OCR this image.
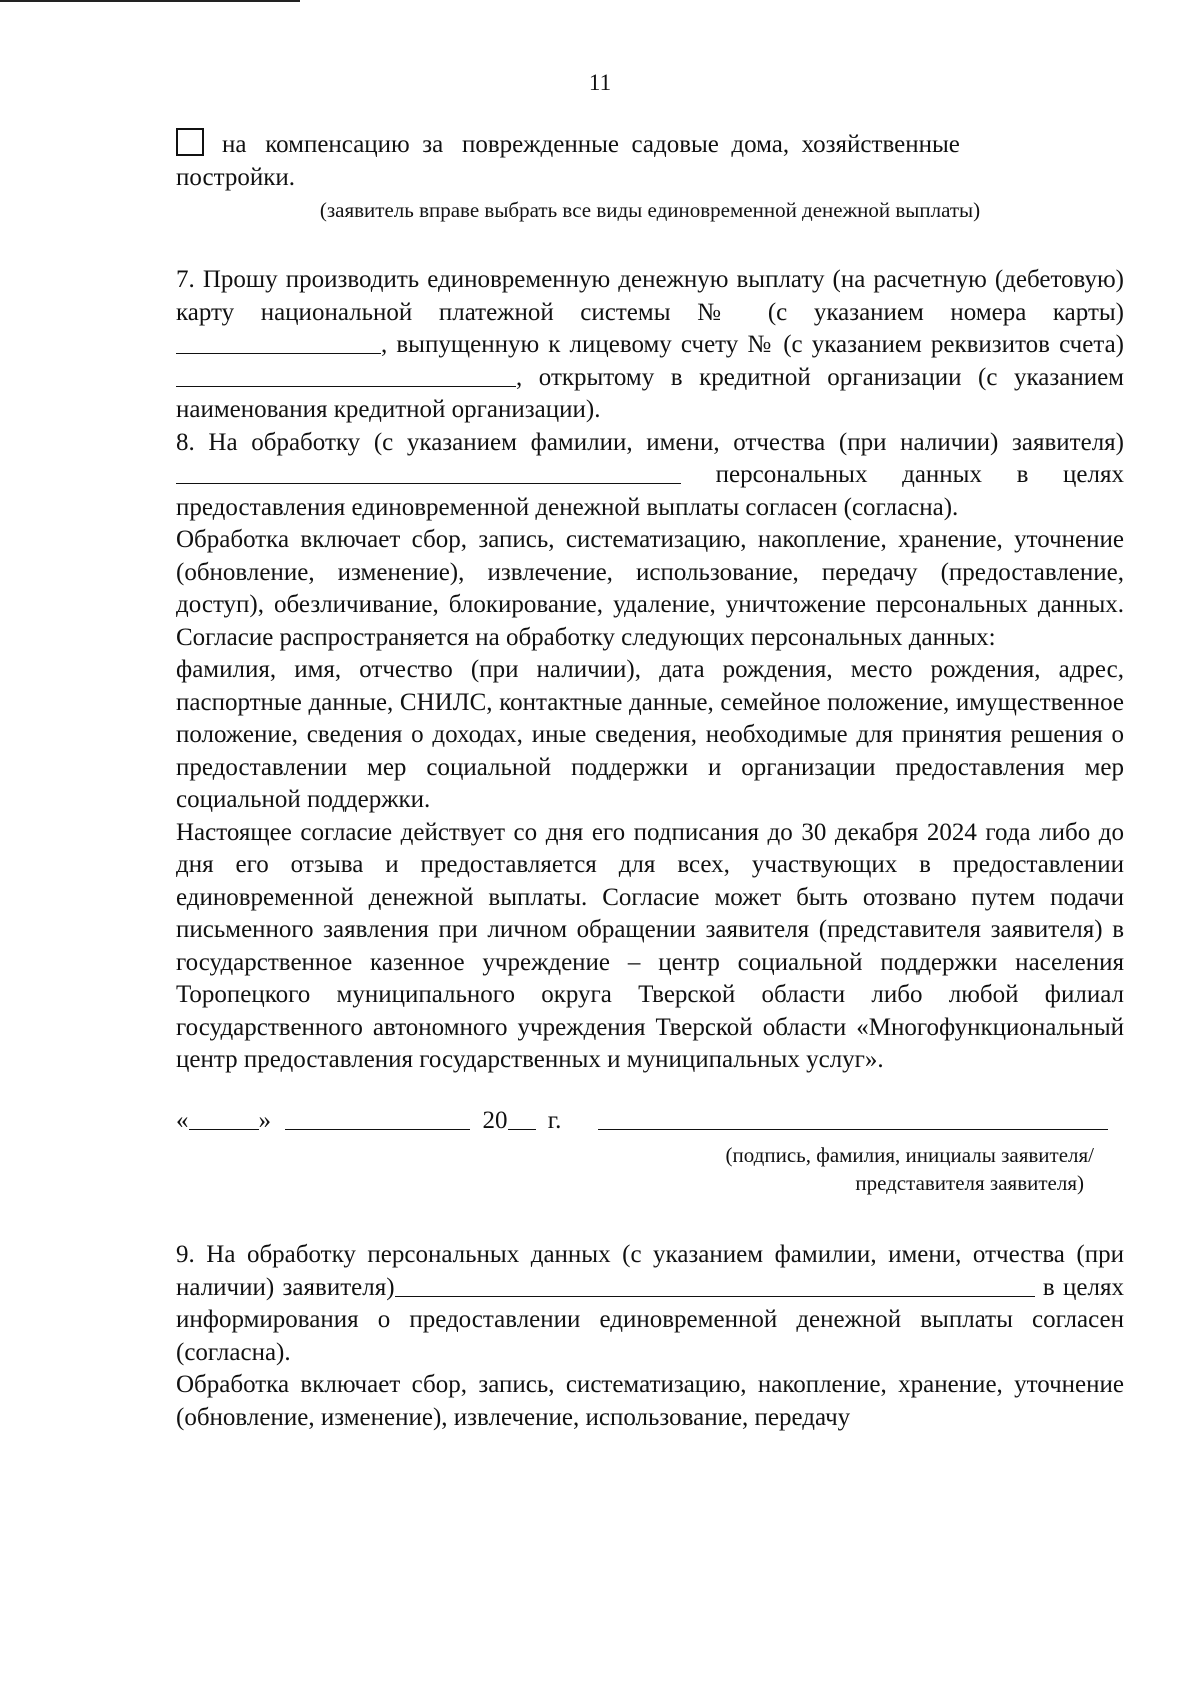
11

на   компенсацию  за   поврежденные  садовые  дома,  хозяйственные

постройки.

(заявитель вправе выбрать все виды единовременной денежной выплаты)

7. Прошу производить единовременную денежную выплату (на расчетную (дебетовую) карту национальной платежной системы № (с указанием номера карты) , выпущенную к лицевому счету № (с указанием реквизитов счета) , открытому в кредитной организации (с указанием наименования кредитной организации).

8. На обработку (с указанием фамилии, имени, отчества (при наличии) заявителя)  персональных данных в целях предоставления единовременной денежной выплаты согласен (согласна).

Обработка включает сбор, запись, систематизацию, накопление, хранение, уточнение (обновление, изменение), извлечение, использование, передачу (предоставление, доступ), обезличивание, блокирование, удаление, уничтожение персональных данных. Согласие распространяется на обработку следующих персональных данных:

фамилия, имя, отчество (при наличии), дата рождения, место рождения, адрес, паспортные данные, СНИЛС, контактные данные, семейное положение, имущественное положение, сведения о доходах, иные сведения, необходимые для принятия решения о предоставлении мер социальной поддержки и организации предоставления мер социальной поддержки.

Настоящее согласие действует со дня его подписания до 30 декабря 2024 года либо до дня его отзыва и предоставляется для всех, участвующих в предоставлении единовременной денежной выплаты. Согласие может быть отозвано путем подачи письменного заявления при личном обращении заявителя (представителя заявителя) в государственное казенное учреждение – центр социальной поддержки населения Торопецкого муниципального округа Тверской области либо любой филиал государственного автономного учреждения Тверской области «Многофункциональный центр предоставления государственных и муниципальных услуг».

«	»	20 г.
(подпись, фамилия, инициалы заявителя/
представителя заявителя)

9. На обработку персональных данных (с указанием фамилии, имени, отчества (при наличии) заявителя)	в целях информирования о предоставлении единовременной денежной выплаты согласен (согласна).

Обработка включает сбор, запись, систематизацию, накопление, хранение, уточнение (обновление, изменение), извлечение, использование, передачу
